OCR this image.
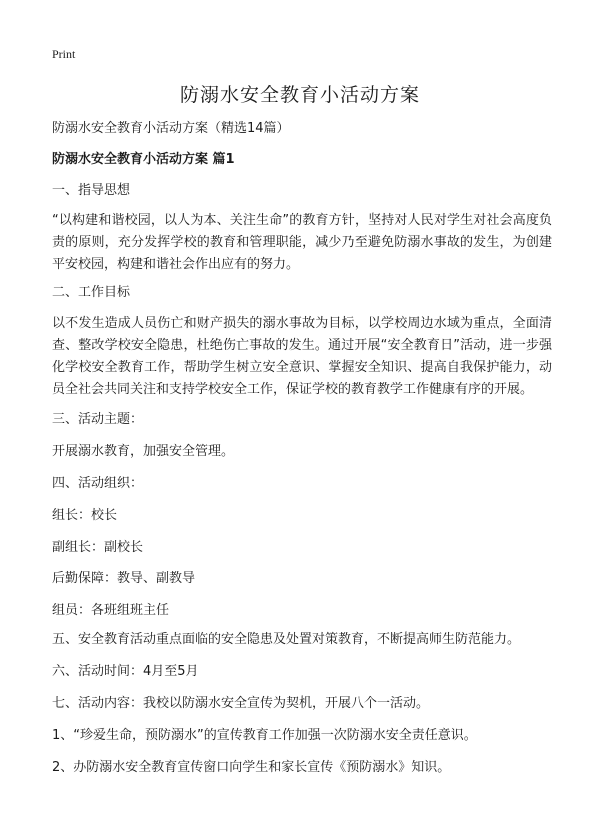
Print
防溺水安全教育小活动方案

防溺水安全教育小活动方案（精选14篇）

防溺水安全教育小活动方案 篇1

一、指导思想

“以构建和谐校园，以人为本、关注生命”的教育方针，坚持对人民对学生对社会高度负责的原则，充分发挥学校的教育和管理职能，减少乃至避免防溺水事故的发生，为创建平安校园，构建和谐社会作出应有的努力。

二、工作目标

以不发生造成人员伤亡和财产损失的溺水事故为目标，以学校周边水域为重点，全面清查、整改学校安全隐患，杜绝伤亡事故的发生。通过开展“安全教育日”活动，进一步强化学校安全教育工作，帮助学生树立安全意识、掌握安全知识、提高自我保护能力，动员全社会共同关注和支持学校安全工作，保证学校的教育教学工作健康有序的开展。

三、活动主题：

开展溺水教育，加强安全管理。

四、活动组织：

组长：校长

副组长：副校长

后勤保障：教导、副教导

组员：各班组班主任

五、安全教育活动重点面临的安全隐患及处置对策教育，不断提高师生防范能力。

六、活动时间：4月至5月

七、活动内容：我校以防溺水安全宣传为契机，开展八个一活动。

1、“珍爱生命，预防溺水”的宣传教育工作加强一次防溺水安全责任意识。

2、办防溺水安全教育宣传窗口向学生和家长宣传《预防溺水》知识。
